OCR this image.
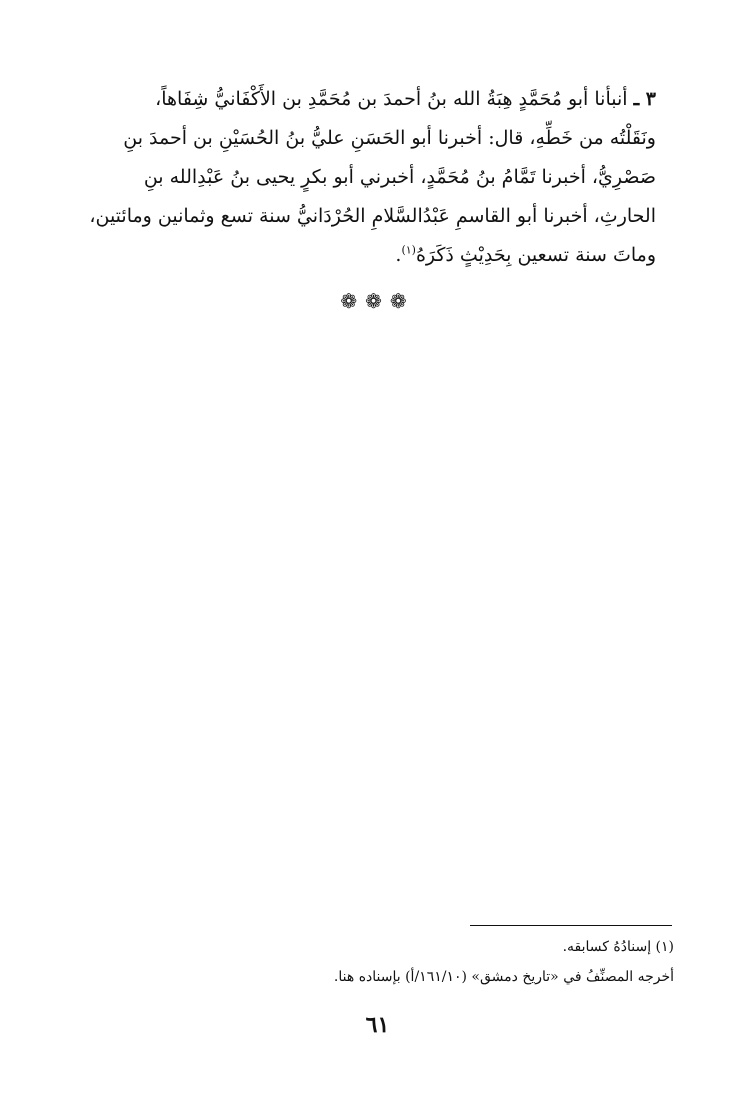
٣ ـ أنبأنا أبو مُحَمَّدٍ هِبَةُ الله بنُ أحمدَ بن مُحَمَّدِ بن الأَكْفَانيُّ شِفَاهاً،
ونَقَلْتُه من خَطِّهِ، قال: أخبرنا أبو الحَسَنِ عليُّ بنُ الحُسَيْنِ بن أحمدَ بنِ
صَصْرِيُّ، أخبرنا تَمَّامُ بنُ مُحَمَّدٍ، أخبرني أبو بكرٍ يحيى بنُ عَبْدِالله بنِ
الحارثِ، أخبرنا أبو القاسمِ عَبْدُالسَّلامِ الحُرْدَانيُّ سنة تسع وثمانين ومائتين،
وماتَ سنة تسعين بِحَدِيْثٍ ذَكَرَهُ$^{(١)}$.
❁❁❁
(١) إسنادُهُ كسابقه.
أخرجه المصنِّفُ في «تاريخ دمشق» (١٦١/١٠/أ) بإسناده هنا.
٦١
